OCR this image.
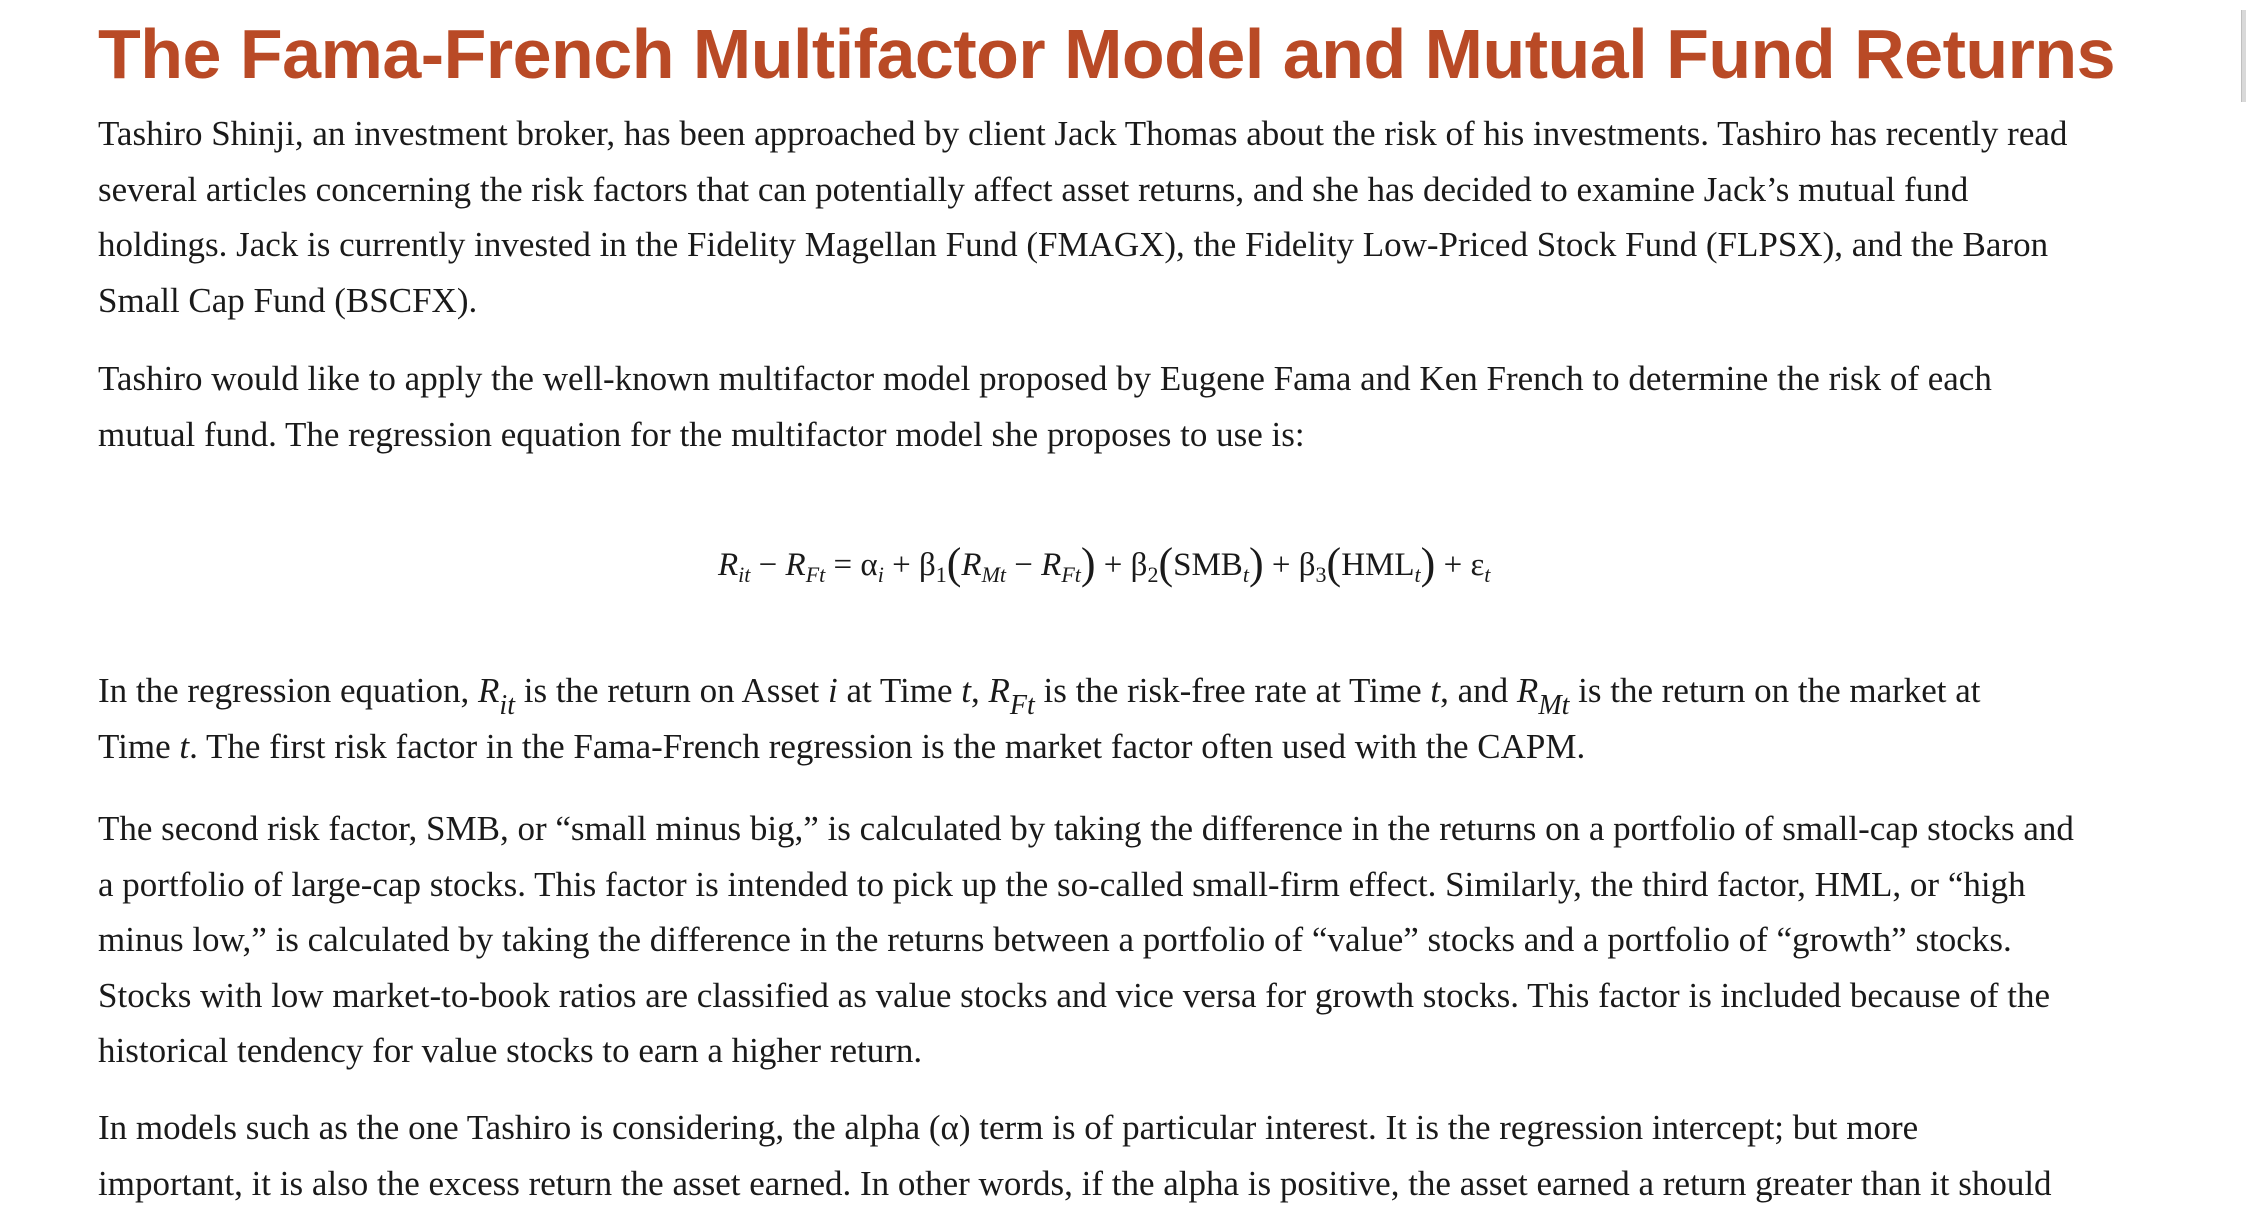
The Fama-French Multifactor Model and Mutual Fund Returns

Tashiro Shinji, an investment broker, has been approached by client Jack Thomas about the risk of his investments. Tashiro has recently read
several articles concerning the risk factors that can potentially affect asset returns, and she has decided to examine Jack’s mutual fund
holdings. Jack is currently invested in the Fidelity Magellan Fund (FMAGX), the Fidelity Low-Priced Stock Fund (FLPSX), and the Baron
Small Cap Fund (BSCFX).

Tashiro would like to apply the well-known multifactor model proposed by Eugene Fama and Ken French to determine the risk of each
mutual fund. The regression equation for the multifactor model she proposes to use is:

$R_{it} - R_{Ft} = \alpha_i + \beta_1(R_{Mt} - R_{Ft}) + \beta_2(SMB_t) + \beta_3(HML_t) + \varepsilon_t$

In the regression equation, $R_{it}$ is the return on Asset i at Time t, $R_{Ft}$ is the risk-free rate at Time t, and $R_{Mt}$ is the return on the market at
Time t. The first risk factor in the Fama-French regression is the market factor often used with the CAPM.

The second risk factor, SMB, or “small minus big,” is calculated by taking the difference in the returns on a portfolio of small-cap stocks and
a portfolio of large-cap stocks. This factor is intended to pick up the so-called small-firm effect. Similarly, the third factor, HML, or “high
minus low,” is calculated by taking the difference in the returns between a portfolio of “value” stocks and a portfolio of “growth” stocks.
Stocks with low market-to-book ratios are classified as value stocks and vice versa for growth stocks. This factor is included because of the
historical tendency for value stocks to earn a higher return.

In models such as the one Tashiro is considering, the alpha (α) term is of particular interest. It is the regression intercept; but more
important, it is also the excess return the asset earned. In other words, if the alpha is positive, the asset earned a return greater than it should
